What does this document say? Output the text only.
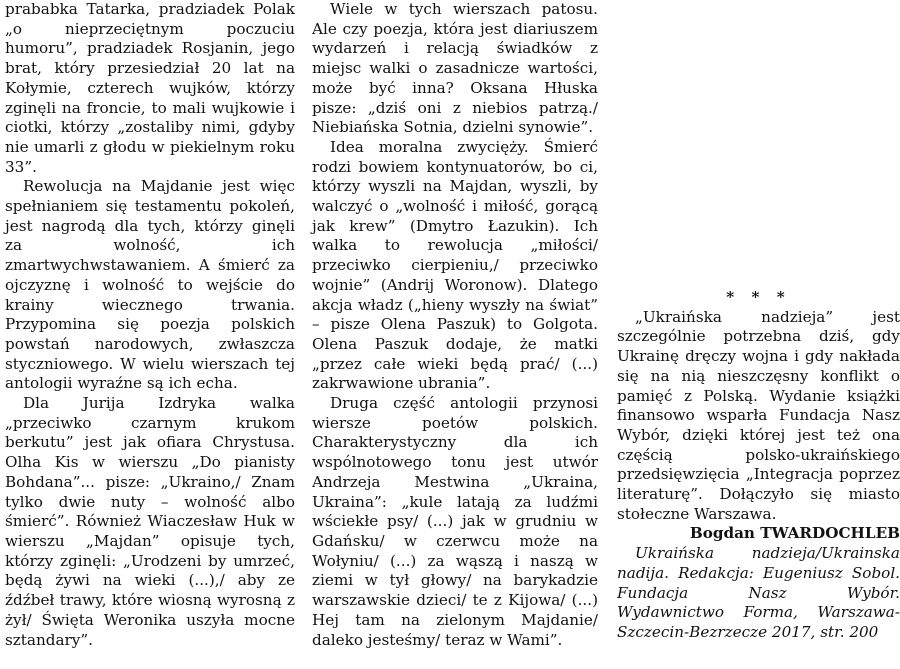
prababka Tatarka, pradziadek Polak „o nieprzeciętnym poczuciu humoru”, pradziadek Rosjanin, jego brat, który przesiedział 20 lat na Kołymie, czterech wujków, którzy zginęli na froncie, to mali wujkowie i ciotki, którzy „zostaliby nimi, gdyby nie umarli z głodu w piekielnym roku 33”.

Rewolucja na Majdanie jest więc spełnianiem się testamentu pokoleń, jest nagrodą dla tych, którzy ginęli za wolność, ich zmartwychwstawaniem. A śmierć za ojczyznę i wolność to wejście do krainy wiecznego trwania. Przypomina się poezja polskich powstań narodowych, zwłaszcza styczniowego. W wielu wierszach tej antologii wyraźne są ich echa.

Dla Jurija Izdryka walka „przeciwko czarnym krukom berkutu” jest jak ofiara Chrystusa. Olha Kis w wierszu „Do pianisty Bohdana”... pisze: „Ukraino,/ Znam tylko dwie nuty – wolność albo śmierć”. Również Wiaczesław Huk w wierszu „Majdan” opisuje tych, którzy zginęli: „Urodzeni by umrzeć, będą żywi na wieki (...),/ aby ze źdźbeł trawy, które wiosną wyrosną z żył/ Święta Weronika uszyła mocne sztandary”.

Wiele w tych wierszach patosu. Ale czy poezja, która jest diariuszem wydarzeń i relacją świadków z miejsc walki o zasadnicze wartości, może być inna? Oksana Hłuska pisze: „dziś oni z niebios patrzą./ Niebiańska Sotnia, dzielni synowie”.

Idea moralna zwycięży. Śmierć rodzi bowiem kontynuatorów, bo ci, którzy wyszli na Majdan, wyszli, by walczyć o „wolność i miłość, gorącą jak krew” (Dmytro Łazukin). Ich walka to rewolucja „miłości/ przeciwko cierpieniu,/ przeciwko wojnie” (Andrij Woronow). Dlatego akcja władz („hieny wyszły na świat” – pisze Olena Paszuk) to Golgota. Olena Paszuk dodaje, że matki „przez całe wieki będą prać/ (...) zakrwawione ubrania”.

Druga część antologii przynosi wiersze poetów polskich. Charakterystyczny dla ich wspólnotowego tonu jest utwór Andrzeja Mestwina „Ukraina, Ukraina”: „kule latają za ludźmi wściekłe psy/ (...) jak w grudniu w Gdańsku/ w czerwcu może na Wołyniu/ (...) za wąszą i naszą w ziemi w tył głowy/ na barykadzie warszawskie dzieci/ te z Kijowa/ (...) Hej tam na zielonym Majdanie/ daleko jesteśmy/ teraz w Wami”.

* * *

„Ukraińska nadzieja” jest szczególnie potrzebna dziś, gdy Ukrainę dręczy wojna i gdy nakłada się na nią nieszczęsny konflikt o pamięć z Polską. Wydanie książki finansowo wsparła Fundacja Nasz Wybór, dzięki której jest też ona częścią polsko-ukraińskiego przedsięwzięcia „Integracja poprzez literaturę”. Dołączyło się miasto stołeczne Warszawa.

Bogdan TWARDOCHLEB

Ukraińska nadzieja/Ukrainska nadija. Redakcja: Eugeniusz Sobol. Fundacja Nasz Wybór. Wydawnictwo Forma, Warszawa-Szczecin-Bezrzecze 2017, str. 200
